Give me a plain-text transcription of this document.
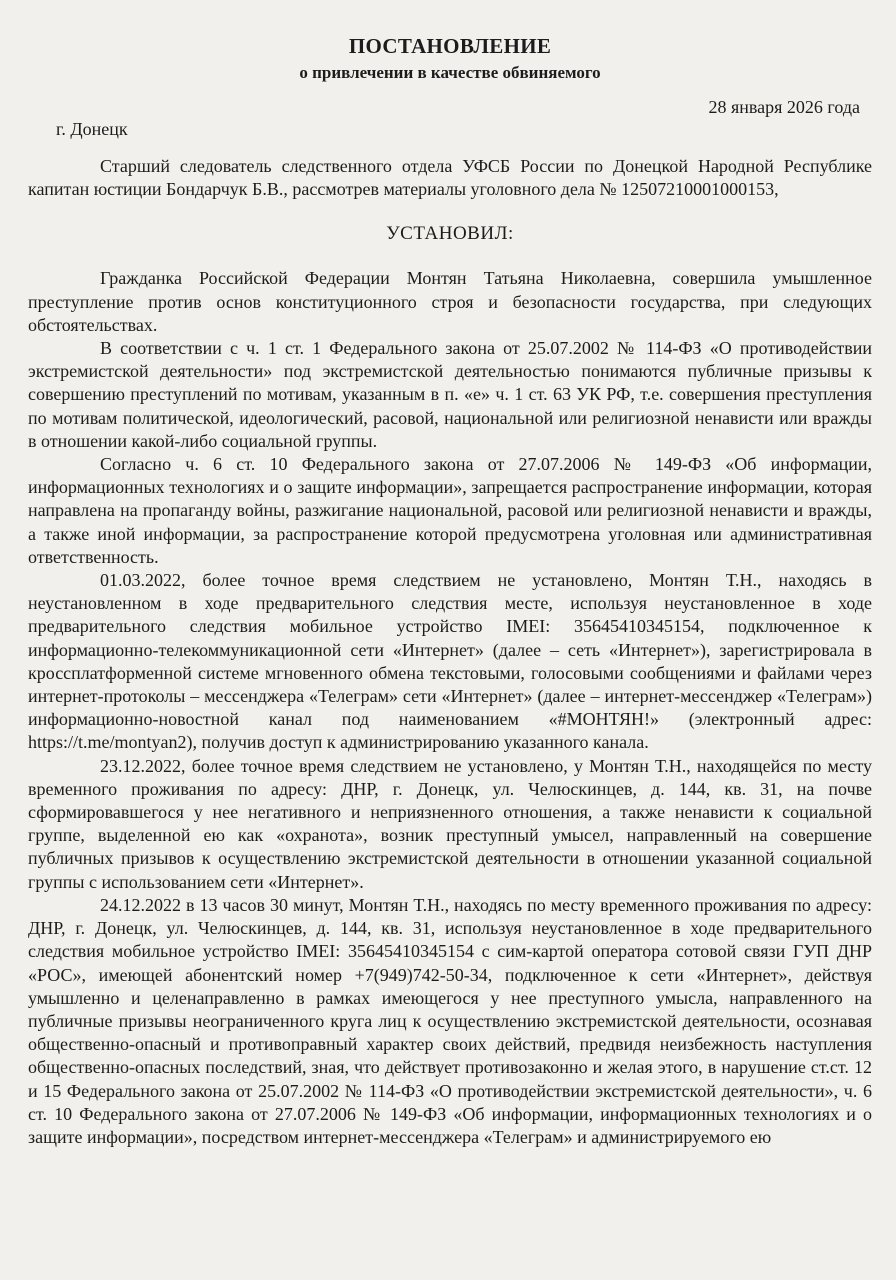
ПОСТАНОВЛЕНИЕ
о привлечении в качестве обвиняемого
28 января 2026 года
г. Донецк

Старший следователь следственного отдела УФСБ России по Донецкой Народной Республике капитан юстиции Бондарчук Б.В., рассмотрев материалы уголовного дела № 12507210001000153,

УСТАНОВИЛ:

Гражданка Российской Федерации Монтян Татьяна Николаевна, совершила умышленное преступление против основ конституционного строя и безопасности государства, при следующих обстоятельствах.

В соответствии с ч. 1 ст. 1 Федерального закона от 25.07.2002 № 114-ФЗ «О противодействии экстремистской деятельности» под экстремистской деятельностью понимаются публичные призывы к совершению преступлений по мотивам, указанным в п. «е» ч. 1 ст. 63 УК РФ, т.е. совершения преступления по мотивам политической, идеологический, расовой, национальной или религиозной ненависти или вражды в отношении какой-либо социальной группы.

Согласно ч. 6 ст. 10 Федерального закона от 27.07.2006 № 149-ФЗ «Об информации, информационных технологиях и о защите информации», запрещается распространение информации, которая направлена на пропаганду войны, разжигание национальной, расовой или религиозной ненависти и вражды, а также иной информации, за распространение которой предусмотрена уголовная или административная ответственность.

01.03.2022, более точное время следствием не установлено, Монтян Т.Н., находясь в неустановленном в ходе предварительного следствия месте, используя неустановленное в ходе предварительного следствия мобильное устройство IMEI: 35645410345154, подключенное к информационно-телекоммуникационной сети «Интернет» (далее – сеть «Интернет»), зарегистрировала в кроссплатформенной системе мгновенного обмена текстовыми, голосовыми сообщениями и файлами через интернет-протоколы – мессенджера «Телеграм» сети «Интернет» (далее – интернет-мессенджер «Телеграм») информационно-новостной канал под наименованием «#МОНТЯН!» (электронный адрес: https://t.me/montyan2), получив доступ к администрированию указанного канала.

23.12.2022, более точное время следствием не установлено, у Монтян Т.Н., находящейся по месту временного проживания по адресу: ДНР, г. Донецк, ул. Челюскинцев, д. 144, кв. 31, на почве сформировавшегося у нее негативного и неприязненного отношения, а также ненависти к социальной группе, выделенной ею как «охранота», возник преступный умысел, направленный на совершение публичных призывов к осуществлению экстремистской деятельности в отношении указанной социальной группы с использованием сети «Интернет».

24.12.2022 в 13 часов 30 минут, Монтян Т.Н., находясь по месту временного проживания по адресу: ДНР, г. Донецк, ул. Челюскинцев, д. 144, кв. 31, используя неустановленное в ходе предварительного следствия мобильное устройство IMEI: 35645410345154 с сим-картой оператора сотовой связи ГУП ДНР «РОС», имеющей абонентский номер +7(949)742-50-34, подключенное к сети «Интернет», действуя умышленно и целенаправленно в рамках имеющегося у нее преступного умысла, направленного на публичные призывы неограниченного круга лиц к осуществлению экстремистской деятельности, осознавая общественно-опасный и противоправный характер своих действий, предвидя неизбежность наступления общественно-опасных последствий, зная, что действует противозаконно и желая этого, в нарушение ст.ст. 12 и 15 Федерального закона от 25.07.2002 № 114-ФЗ «О противодействии экстремистской деятельности», ч. 6 ст. 10 Федерального закона от 27.07.2006 № 149-ФЗ «Об информации, информационных технологиях и о защите информации», посредством интернет-мессенджера «Телеграм» и администрируемого ею
